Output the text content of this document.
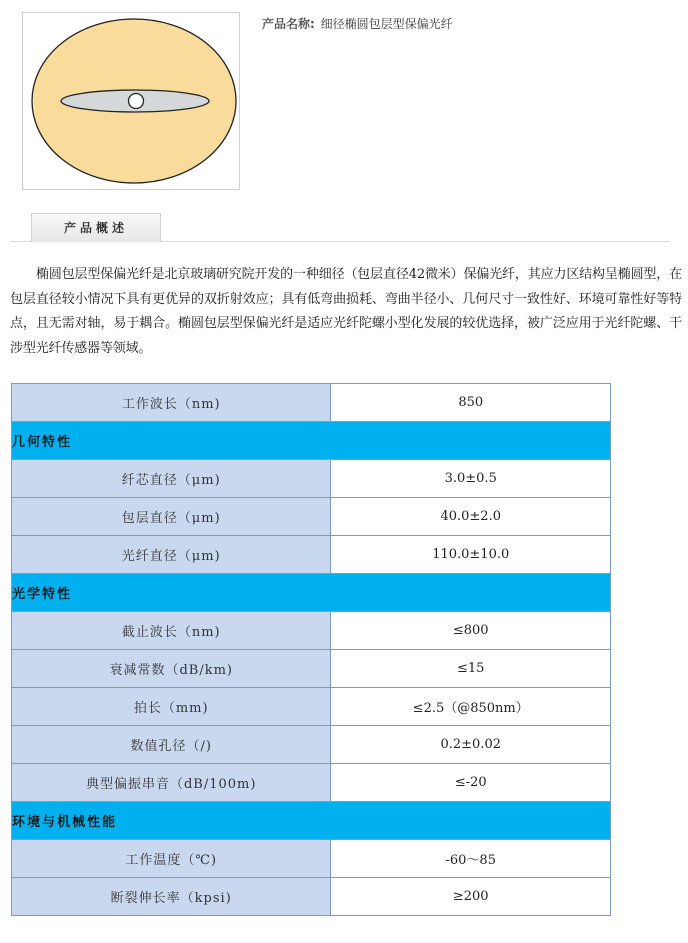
产品名称: 细径椭圆包层型保偏光纤
产品概述

椭圆包层型保偏光纤是北京玻璃研究院开发的一种细径（包层直径42微米）保偏光纤，其应力区结构呈椭圆型，在包层直径较小情况下具有更优异的双折射效应；具有低弯曲损耗、弯曲半径小、几何尺寸一致性好、环境可靠性好等特点，且无需对轴，易于耦合。椭圆包层型保偏光纤是适应光纤陀螺小型化发展的较优选择，被广泛应用于光纤陀螺、干涉型光纤传感器等领域。

工作波长（nm)	850
几何特性	
纤芯直径（μm)	3.0±0.5
包层直径（μm)	40.0±2.0
光纤直径（μm)	110.0±10.0
光学特性	
截止波长（nm)	≤800
衰减常数（dB/km)	≤15
拍长（mm)	≤2.5（@850nm）
数值孔径（/)	0.2±0.02
典型偏振串音（dB/100m)	≤-20
环境与机械性能	
工作温度（℃)	-60～85
断裂伸长率（kpsi)	≥200
